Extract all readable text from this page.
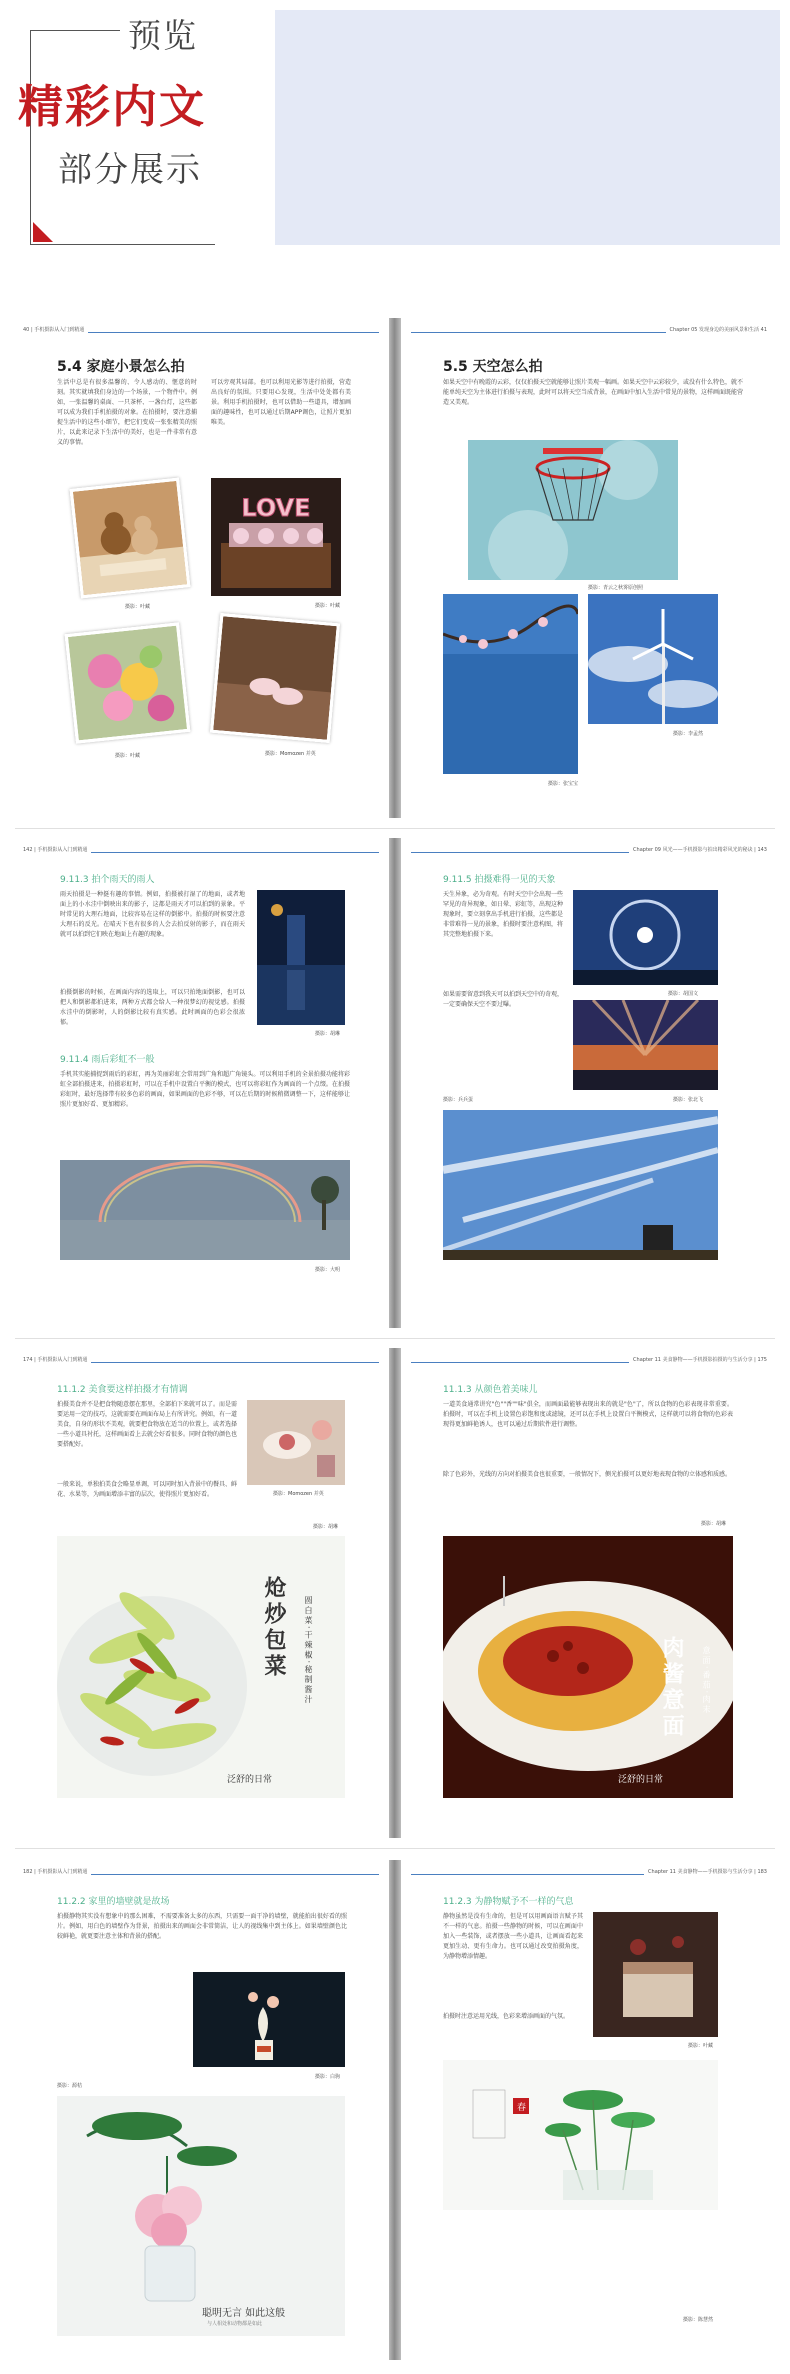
预览
精彩内文
部分展示
40 | 手机摄影从入门到精通
5.4 家庭小景怎么拍
生活中总是有很多温馨的、令人感动的、惬意的时刻。其实就填我们身边的一个场景，一个物件中。例如，一张温馨的桌面、一只茶杯、一盏台灯，这些都可以成为我们手机拍摄的对象。在拍摄时，要注意捕捉生活中的这些小细节，把它们变成一张张精美的照片，以此来记录下生活中的美好，也是一件非常有意义的事情。
可以旁观其局部。也可以利用光影等进行拍摄，营造出良好的氛围。只要用心发现，生活中处处都有美景。利用手机拍摄时，也可以借助一些道具，增加画面的趣味性，也可以通过后期APP调色，让照片更加唯美。
摄影：叶藏
LOVE
摄影：叶藏
摄影：叶藏	摄影：Momozen 并英
Chapter 05 发现身边的美丽风景和生活 41
5.5 天空怎么拍
如果天空中有晚霞的云彩，仅仅拍摄天空就能够让照片美观一幅画。如果天空中云彩较少，或没有什么特色，就不能单纯天空为主体进行拍摄与表现，此时可以将天空当成背景，在画面中加入生活中常见的景物，这样画面既能营造又美观。
摄影：青云之秋雾原创照
摄影：李孟然
摄影：张宝宝
142 | 手机摄影从入门到精通
9.11.3 拍个雨天的雨人
雨天拍摄是一种挺有趣的事情。例如，拍摄被打湿了的地面，或者地面上的小水洼中倒映出来的影子，这都是雨天才可以拍到的景象。平时常见的大理石地面，比较容易在这样的倒影中。拍摄的时候要注意大理石的反光。在晴天下也有很多的人会去拍反射的影子，而在雨天就可以拍到它们映在地面上有趣的现象。
拍摄倒影的时候，在画面内容的选取上，可以只拍地面倒影，也可以把人和倒影都拍进来，两种方式都会给人一种很梦幻的视觉感。拍摄水洼中的倒影时，人的倒影比较有真实感。此时画面的色彩会很浓郁。
摄影：胡琳
9.11.4 雨后彩虹不一般
手机其实能捕捉到雨后的彩虹，再为美丽彩虹会常用到广角和超广角镜头。可以利用手机的全景拍摄功能将彩虹全部拍摄进来，拍摄彩虹时，可以在手机中设置白平衡的模式，也可以将彩虹作为画面的一个点缀。在拍摄彩虹时，最好选择带有较多色彩的画面，如果画面的色彩不够，可以在后期的时候稍微调整一下，这样能够让照片更加好看、更加精彩。
摄影：大明
Chapter 09 风光——手机摄影与拍出精彩风光的秘诀 | 143
9.11.5 拍摄难得一见的天象
天生异象，必为奇观。有时天空中会出现一些罕见的奇异现象，如日晕、彩虹等，出现这种现象时，要立刻拿出手机进行拍摄，这些都是非常难得一见的景象，拍摄时要注意构图，将其完整地拍摄下来。
如果需要留意到我天可以拍到天空中的奇观，一定要确保天空不要过曝。
摄影：胡国文
摄影：张北飞
摄影：兵兵蛋
174 | 手机摄影从入门到精通
11.1.2 美食要这样拍摄才有情调
拍摄美食并不是把食物随意摆在那里，全部拍下来就可以了。而是需要运用一定的技巧，这就需要在画面布局上有所讲究。例如，有一道美食，自身的形状不美观，就要把食物放在适当的位置上，或者选择一些小道具衬托，这样画面看上去就会好看很多。同时食物的颜色也要搭配好。
一般来说，单独拍美食会略显单调，可以同时加入背景中的餐具、鲜花、水果等，为画面增添丰富的层次，使得照片更加好看。	摄影：Momozen 并英
摄影：胡琳
炝炒包菜	圆白菜·干辣椒·秘制酱汁
泛舒的日常
Chapter 11 美食静物——手机摄影拍摄的与生活分享 | 175
11.1.3 从颜色着美味儿
一道美食通常讲究"色""香""味"俱全，而画面最能够表现出来的就是"色"了，所以食物的色彩表现非常重要。拍摄时，可以在手机上设置色彩饱和度或滤镜，还可以在手机上设置白平衡模式，这样就可以将食物的色彩表现得更加鲜艳诱人，也可以通过后期软件进行调整。
除了色彩外，光线的方向对拍摄美食也很重要，一般情况下，侧光拍摄可以更好地表现食物的立体感和质感。
摄影：胡琳
肉酱意面	意面·番茄·肉末
泛舒的日常
182 | 手机摄影从入门到精通
11.2.2 家里的墙壁就是故场
拍摄静物其实没有想象中的那么困难，不需要准备太多的东西，只需要一面干净的墙壁，就能拍出很好看的照片。例如，用白色的墙壁作为背景，拍摄出来的画面会非常简洁，让人的视线集中到主体上。如果墙壁颜色比较鲜艳，就更要注意主体和背景的搭配。
摄影：白驹
摄影：源桔
聪明无言 如此这般
与人相处和动物都是如此
Chapter 11 美食静物——手机摄影与生活分享 | 183
11.2.3 为静物赋予不一样的气息
静物虽然是没有生命的，但是可以用画面语言赋予其不一样的气息。拍摄一些静物的时候，可以在画面中加入一些装饰，或者摆放一些小道具，让画面看起来更加生动、更有生命力。也可以通过改变拍摄角度，为静物增添情趣。
拍摄时注意运用光线，色彩来增添画面的气氛。
摄影：叶藏
春
摄影：陈慧然
